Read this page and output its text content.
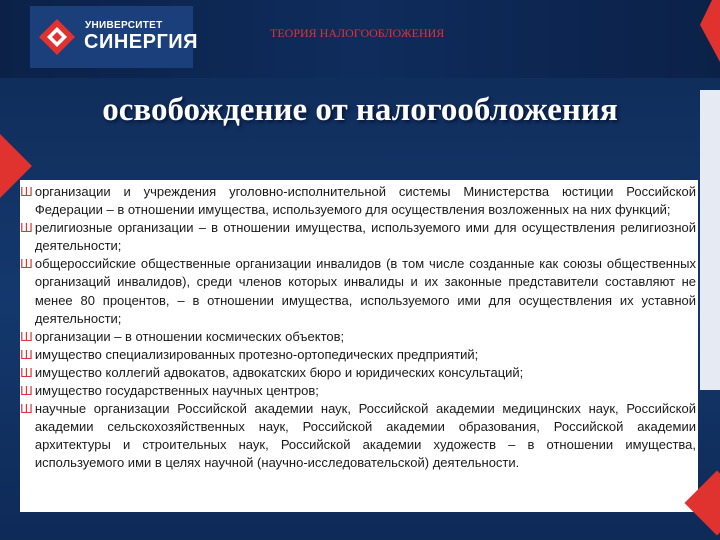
УНИВЕРСИТЕТ
СИНЕРГИЯ	ТЕОРИЯ НАЛОГООБЛОЖЕНИЯ
освобождение от налогообложения
Ш организации и учреждения уголовно-исполнительной системы Министерства юстиции Российской Федерации – в отношении имущества, используемого для осуществления возложенных на них функций;
Ш религиозные организации – в отношении имущества, используемого ими для осуществления религиозной деятельности;
Ш общероссийские общественные организации инвалидов (в том числе созданные как союзы общественных организаций инвалидов), среди членов которых инвалиды и их законные представители составляют не менее 80 процентов, – в отношении имущества, используемого ими для осуществления их уставной деятельности;
Ш организации – в отношении космических объектов;
Ш имущество специализированных протезно-ортопедических предприятий;
Ш имущество коллегий адвокатов, адвокатских бюро и юридических консультаций;
Ш имущество государственных научных центров;
Ш научные организации Российской академии наук, Российской академии медицинских наук, Российской академии сельскохозяйственных наук, Российской академии образования, Российской академии архитектуры и строительных наук, Российской академии художеств – в отношении имущества, используемого ими в целях научной (научно-исследовательской) деятельности.
